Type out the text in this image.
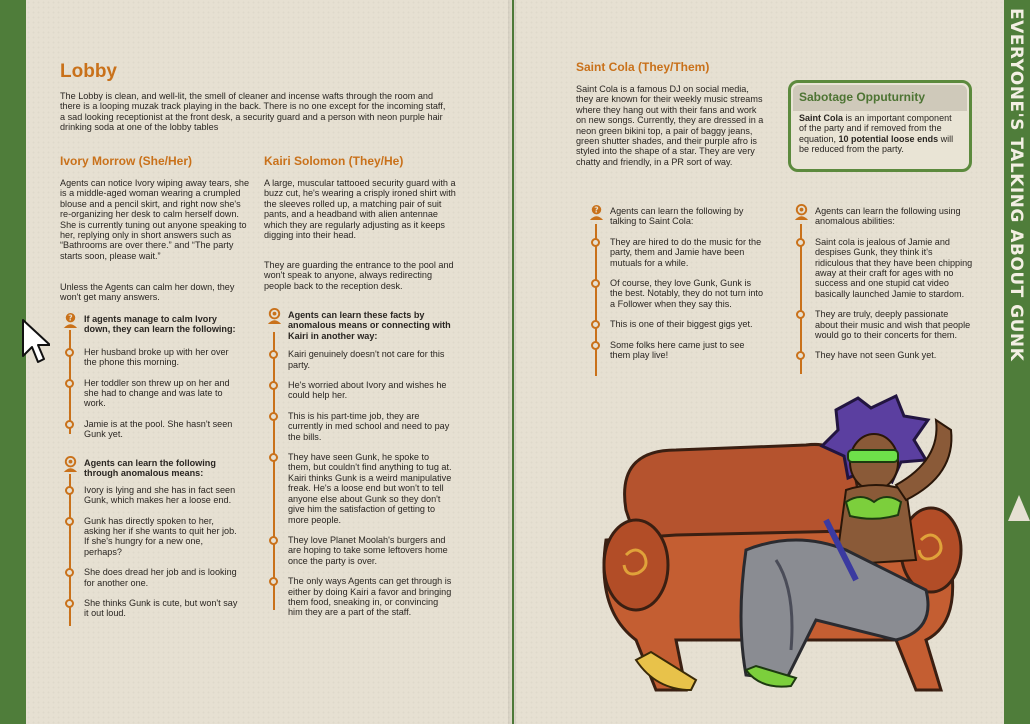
EVERYONE'S TALKING ABOUT GUNK
Lobby

The Lobby is clean, and well-lit, the smell of cleaner and incense wafts through the room and there is a looping muzak track playing in the back. There is no one except for the incoming staff, a sad looking receptionist at the front desk, a security guard and a person with neon purple hair drinking soda at one of the lobby tables

Ivory Morrow (She/Her)

Agents can notice Ivory wiping away tears, she is a middle-aged woman wearing a crumpled blouse and a pencil skirt, and right now she's re-organizing her desk to calm herself down. She is currently tuning out anyone speaking to her, replying only in short answers such as “Bathrooms are over there.” and “The party starts soon, please wait.”

Unless the Agents can calm her down, they won't get many answers.

? If agents manage to calm Ivory down, they can learn the following:
Her husband broke up with her over the phone this morning.
Her toddler son threw up on her and she had to change and was late to work.
Jamie is at the pool. She hasn't seen Gunk yet.
Agents can learn the following through anomalous means:
Ivory is lying and she has in fact seen Gunk, which makes her a loose end.
Gunk has directly spoken to her, asking her if she wants to quit her job. If she's hungry for a new one, perhaps?
She does dread her job and is looking for another one.
She thinks Gunk is cute, but won't say it out loud.
Kairi Solomon (They/He)

A large, muscular tattooed security guard with a buzz cut, he's wearing a crisply ironed shirt with the sleeves rolled up, a matching pair of suit pants, and a headband with alien antennae which they are regularly adjusting as it keeps digging into their head.

They are guarding the entrance to the pool and won't speak to anyone, always redirecting people back to the reception desk.

Agents can learn these facts by anomalous means or connecting with Kairi in another way:
Kairi genuinely doesn't not care for this party.
He's worried about Ivory and wishes he could help her.
This is his part-time job, they are currently in med school and need to pay the bills.
They have seen Gunk, he spoke to them, but couldn't find anything to tug at. Kairi thinks Gunk is a weird manipulative freak. He's a loose end but won't to tell anyone else about Gunk so they don't give him the satisfaction of getting to more people.
They love Planet Moolah's burgers and are hoping to take some leftovers home once the party is over.
The only ways Agents can get through is either by doing Kairi a favor and bringing them food, sneaking in, or convincing him they are a part of the staff.
Saint Cola (They/Them)

Saint Cola is a famous DJ on social media, they are known for their weekly music streams where they hang out with their fans and work on new songs. Currently, they are dressed in a neon green bikini top, a pair of baggy jeans, green shutter shades, and their purple afro is styled into the shape of a star. They are very chatty and friendly, in a PR sort of way.

Sabotage Opputurnity
Saint Cola is an important component of the party and if removed from the equation, 10 potential loose ends will be reduced from the party.
? Agents can learn the following by talking to Saint Cola:
They are hired to do the music for the party, them and Jamie have been mutuals for a while.
Of course, they love Gunk, Gunk is the best. Notably, they do not turn into a Follower when they say this.
This is one of their biggest gigs yet.
Some folks here came just to see them play live!
Agents can learn the following using anomalous abilities:
Saint cola is jealous of Jamie and despises Gunk, they think it's ridiculous that they have been chipping away at their craft for ages with no success and one stupid cat video basically launched Jamie to stardom.
They are truly, deeply passionate about their music and wish that people would go to their concerts for them.
They have not seen Gunk yet.
